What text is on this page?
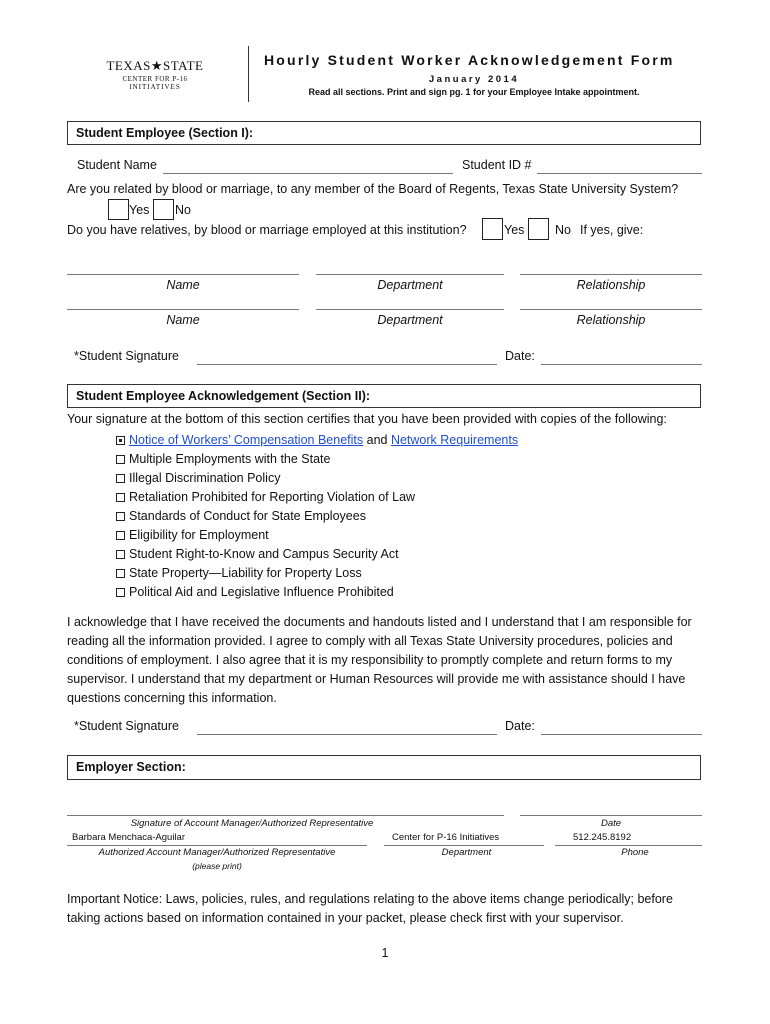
TEXAS★STATE
CENTER FOR P-16
INITIATIVES
Hourly Student Worker Acknowledgement Form
January 2014
Read all sections. Print and sign pg. 1 for your Employee Intake appointment.
Student Employee (Section I):
Student Name	Student ID #
Are you related by blood or marriage, to any member of the Board of Regents, Texas State University System?
Yes No
Do you have relatives, by blood or marriage employed at this institution?	Yes No If yes, give:
Name	Department	Relationship
Name	Department	Relationship
*Student Signature	Date:
Student Employee Acknowledgement (Section II):
Your signature at the bottom of this section certifies that you have been provided with copies of the following:
Notice of Workers’ Compensation Benefits and Network Requirements
Multiple Employments with the State
Illegal Discrimination Policy
Retaliation Prohibited for Reporting Violation of Law
Standards of Conduct for State Employees
Eligibility for Employment
Student Right-to-Know and Campus Security Act
State Property—Liability for Property Loss
Political Aid and Legislative Influence Prohibited
I acknowledge that I have received the documents and handouts listed and I understand that I am responsible for reading all the information provided. I agree to comply with all Texas State University procedures, policies and conditions of employment. I also agree that it is my responsibility to promptly complete and return forms to my supervisor. I understand that my department or Human Resources will provide me with assistance should I have questions concerning this information.
*Student Signature	Date:
Employer Section:
Signature of Account Manager/Authorized Representative	Date
Barbara Menchaca-Aguilar	Center for P-16 Initiatives	512.245.8192
Authorized Account Manager/Authorized Representative	Department	Phone
(please print)
Important Notice: Laws, policies, rules, and regulations relating to the above items change periodically; before taking actions based on information contained in your packet, please check first with your supervisor.
1
